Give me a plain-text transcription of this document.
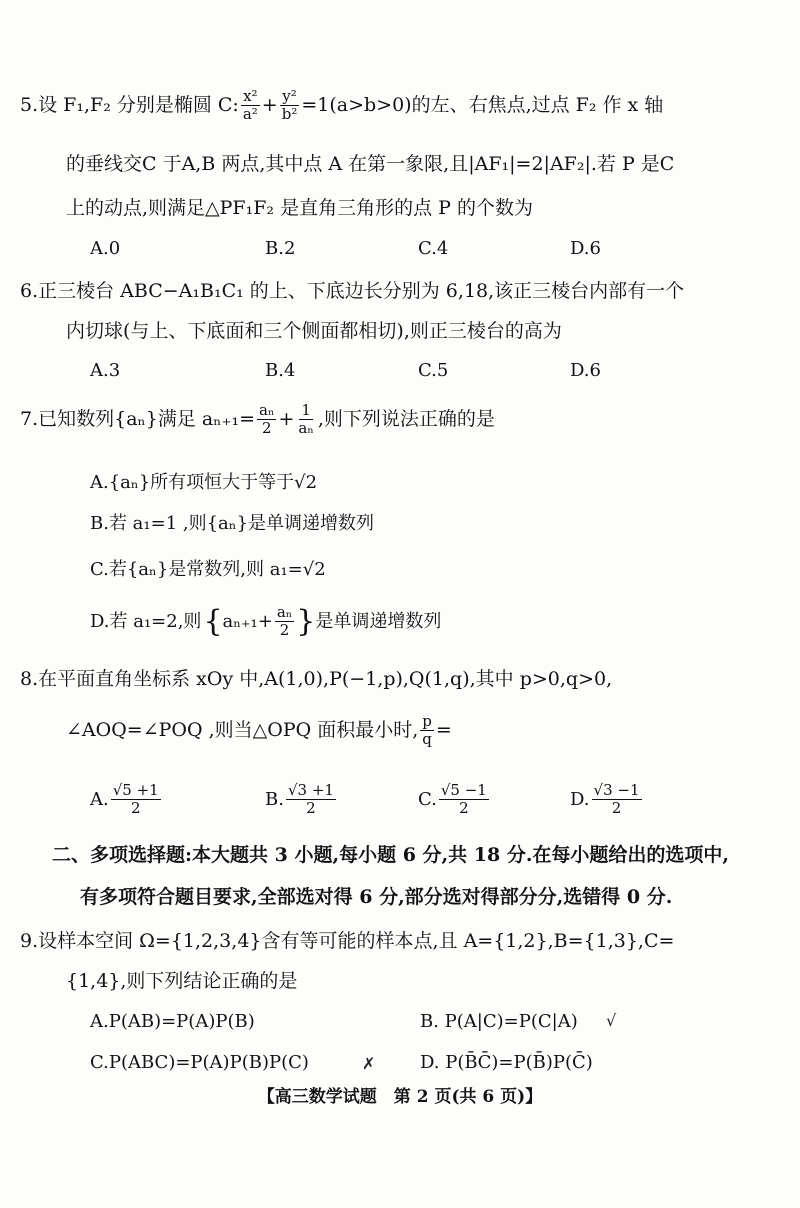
5.设 F₁,F₂ 分别是椭圆 C: $\frac{\text{x²}}{\text{a²}} + \frac{\text{y²}}{\text{b²}} =1(a>b>0)$的左、右焦点,过点 F₂ 作 x 轴
的垂线交C 于A,B 两点,其中点 A 在第一象限,且|AF₁|=2|AF₂|.若 P 是C
上的动点,则满足△PF₁F₂ 是直角三角形的点 P 的个数为
A.0	B.2	C.4	D.6
6.正三棱台 ABC−A₁B₁C₁ 的上、下底边长分别为 6,18,该正三棱台内部有一个
内切球(与上、下底面和三个侧面都相切),则正三棱台的高为
A.3	B.4	C.5	D.6
7.已知数列{aₙ}满足 $a_{n+1}= \frac{\text{aₙ}}{2} + \frac{1}{\text{aₙ}}$ ,则下列说法正确的是
A.{aₙ}所有项恒大于等于√2
B.若 a₁=1 ,则{aₙ}是单调递增数列
C.若{aₙ}是常数列,则 a₁=√2
D.若 a₁=2,则 { $a_{n+1}+ \frac{\text{aₙ}}{2}$ } 是单调递增数列
8.在平面直角坐标系 xOy 中,A(1,0),P(−1,p),Q(1,q),其中 p>0,q>0,
∠AOQ=∠POQ ,则当△OPQ 面积最小时, $\frac{p}{q}$ =
A. $\frac{√5 +1}{2}$	B. $\frac{√3 +1}{2}$	C. $\frac{√5 -1}{2}$	D. $\frac{√3 -1}{2}$
二、多项选择题:本大题共 3 小题,每小题 6 分,共 18 分.在每小题给出的选项中,
有多项符合题目要求,全部选对得 6 分,部分选对得部分分,选错得 0 分.
9.设样本空间 Ω={1,2,3,4}含有等可能的样本点,且 A={1,2},B={1,3},C=
{1,4},则下列结论正确的是
A.P(AB)=P(A)P(B)	B. P(A|C)=P(C|A) √
C.P(ABC)=P(A)P(B)P(C)	✗ D. P(B̄C̄)=P(B̄)P(C̄)
【高三数学试题　第 2 页(共 6 页)】
